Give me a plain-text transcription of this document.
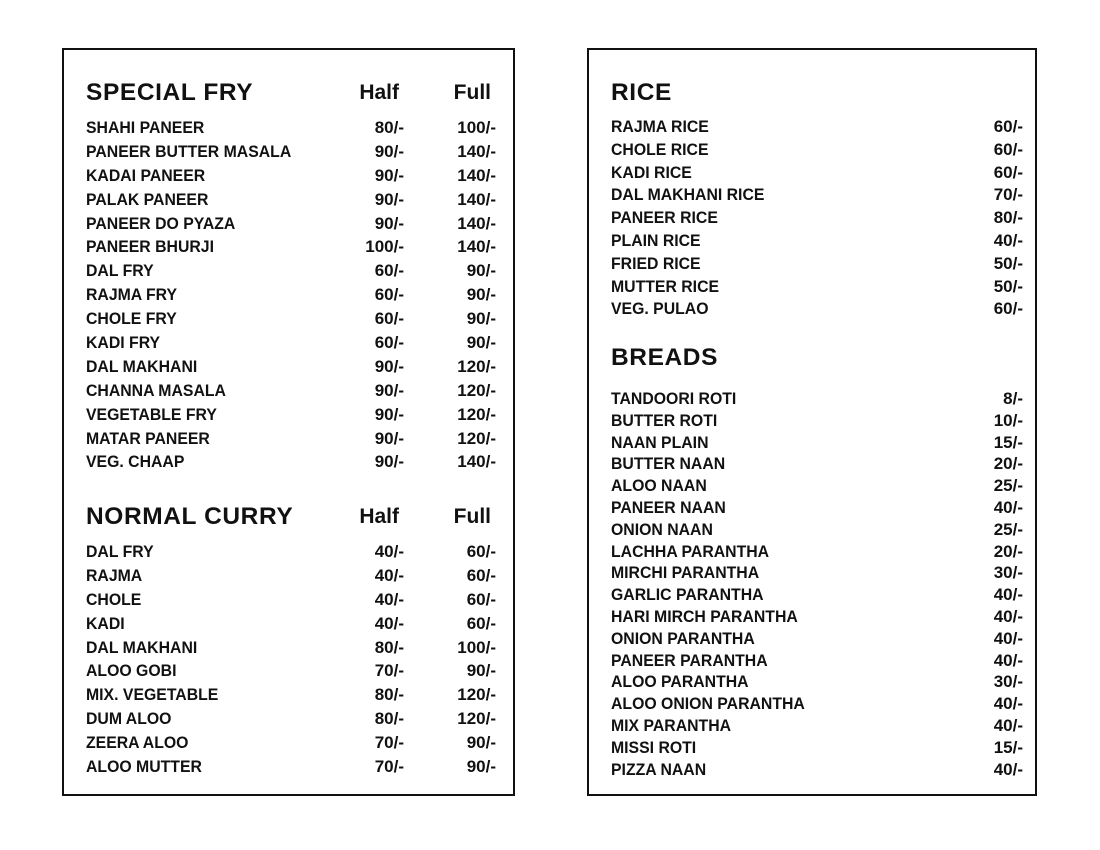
SPECIAL FRY	Half	Full
SHAHI PANEER	80/-	100/-
PANEER BUTTER MASALA	90/-	140/-
KADAI PANEER	90/-	140/-
PALAK PANEER	90/-	140/-
PANEER DO PYAZA	90/-	140/-
PANEER BHURJI	100/-	140/-
DAL FRY	60/-	90/-
RAJMA FRY	60/-	90/-
CHOLE FRY	60/-	90/-
KADI FRY	60/-	90/-
DAL MAKHANI	90/-	120/-
CHANNA MASALA	90/-	120/-
VEGETABLE FRY	90/-	120/-
MATAR PANEER	90/-	120/-
VEG. CHAAP	90/-	140/-
NORMAL CURRY	Half	Full
DAL FRY	40/-	60/-
RAJMA	40/-	60/-
CHOLE	40/-	60/-
KADI	40/-	60/-
DAL MAKHANI	80/-	100/-
ALOO GOBI	70/-	90/-
MIX. VEGETABLE	80/-	120/-
DUM ALOO	80/-	120/-
ZEERA ALOO	70/-	90/-
ALOO MUTTER	70/-	90/-
RICE
RAJMA RICE	60/-
CHOLE RICE	60/-
KADI RICE	60/-
DAL MAKHANI RICE	70/-
PANEER RICE	80/-
PLAIN RICE	40/-
FRIED RICE	50/-
MUTTER RICE	50/-
VEG. PULAO	60/-
BREADS
TANDOORI ROTI	8/-
BUTTER ROTI	10/-
NAAN PLAIN	15/-
BUTTER NAAN	20/-
ALOO NAAN	25/-
PANEER NAAN	40/-
ONION NAAN	25/-
LACHHA PARANTHA	20/-
MIRCHI PARANTHA	30/-
GARLIC PARANTHA	40/-
HARI MIRCH PARANTHA	40/-
ONION PARANTHA	40/-
PANEER PARANTHA	40/-
ALOO PARANTHA	30/-
ALOO ONION PARANTHA	40/-
MIX PARANTHA	40/-
MISSI ROTI	15/-
PIZZA NAAN	40/-
